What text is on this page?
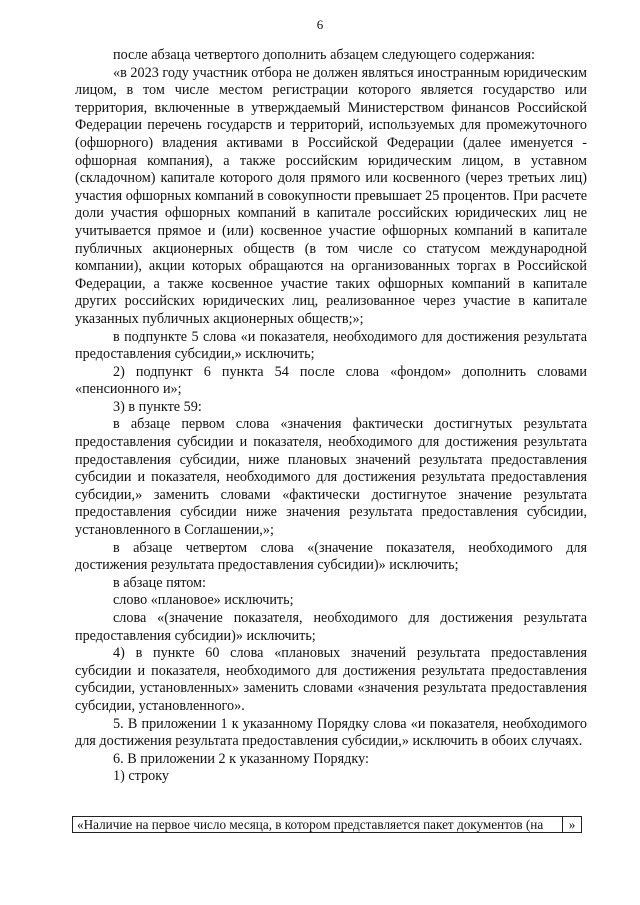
6

после абзаца четвертого дополнить абзацем следующего содержания:

«в 2023 году участник отбора не должен являться иностранным юридическим лицом, в том числе местом регистрации которого является государство или территория, включенные в утверждаемый Министерством финансов Российской Федерации перечень государств и территорий, используемых для промежуточного (офшорного) владения активами в Российской Федерации (далее именуется - офшорная компания), а также российским юридическим лицом, в уставном (складочном) капитале которого доля прямого или косвенного (через третьих лиц) участия офшорных компаний в совокупности превышает 25 процентов. При расчете доли участия офшорных компаний в капитале российских юридических лиц не учитывается прямое и (или) косвенное участие офшорных компаний в капитале публичных акционерных обществ (в том числе со статусом международной компании), акции которых обращаются на организованных торгах в Российской Федерации, а также косвенное участие таких офшорных компаний в капитале других российских юридических лиц, реализованное через участие в капитале указанных публичных акционерных обществ;»;

в подпункте 5 слова «и показателя, необходимого для достижения результата предоставления субсидии,» исключить;

2) подпункт 6 пункта 54 после слова «фондом» дополнить словами «пенсионного и»;

3) в пункте 59:

в абзаце первом слова «значения фактически достигнутых результата предоставления субсидии и показателя, необходимого для достижения результата предоставления субсидии, ниже плановых значений результата предоставления субсидии и показателя, необходимого для достижения результата предоставления субсидии,» заменить словами «фактически достигнутое значение результата предоставления субсидии ниже значения результата предоставления субсидии, установленного в Соглашении,»;

в абзаце четвертом слова «(значение показателя, необходимого для достижения результата предоставления субсидии)» исключить;

в абзаце пятом:

слово «плановое» исключить;

слова «(значение показателя, необходимого для достижения результата предоставления субсидии)» исключить;

4) в пункте 60 слова «плановых значений результата предоставления субсидии и показателя, необходимого для достижения результата предоставления субсидии, установленных» заменить словами «значения результата предоставления субсидии, установленного».

5. В приложении 1 к указанному Порядку слова «и показателя, необходимого для достижения результата предоставления субсидии,» исключить в обоих случаях.

6. В приложении 2 к указанному Порядку:

1) строку

«Наличие на первое число месяца, в котором представляется пакет документов (на	»
